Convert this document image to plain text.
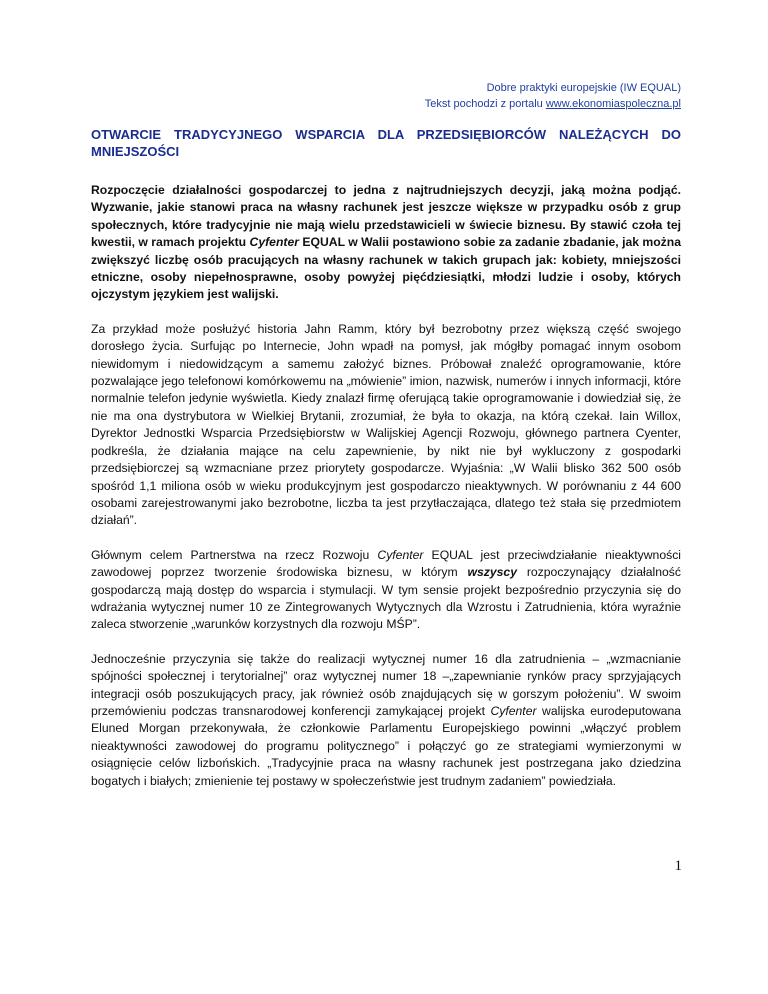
Dobre praktyki europejskie (IW EQUAL)
Tekst pochodzi z portalu www.ekonomiaspoleczna.pl
OTWARCIE TRADYCYJNEGO WSPARCIA DLA PRZEDSIĘBIORCÓW NALEŻĄCYCH DO MNIEJSZOŚCI

Rozpoczęcie działalności gospodarczej to jedna z najtrudniejszych decyzji, jaką można podjąć. Wyzwanie, jakie stanowi praca na własny rachunek jest jeszcze większe w przypadku osób z grup społecznych, które tradycyjnie nie mają wielu przedstawicieli w świecie biznesu. By stawić czoła tej kwestii, w ramach projektu Cyfenter EQUAL w Walii postawiono sobie za zadanie zbadanie, jak można zwiększyć liczbę osób pracujących na własny rachunek w takich grupach jak: kobiety, mniejszości etniczne, osoby niepełnosprawne, osoby powyżej pięćdziesiątki, młodzi ludzie i osoby, których ojczystym językiem jest walijski.

Za przykład może posłużyć historia Jahn Ramm, który był bezrobotny przez większą część swojego dorosłego życia. Surfując po Internecie, John wpadł na pomysł, jak mógłby pomagać innym osobom niewidomym i niedowidzącym a samemu założyć biznes. Próbował znaleźć oprogramowanie, które pozwalające jego telefonowi komórkowemu na „mówienie” imion, nazwisk, numerów i innych informacji, które normalnie telefon jedynie wyświetla. Kiedy znalazł firmę oferującą takie oprogramowanie i dowiedział się, że nie ma ona dystrybutora w Wielkiej Brytanii, zrozumiał, że była to okazja, na którą czekał. Iain Willox, Dyrektor Jednostki Wsparcia Przedsiębiorstw w Walijskiej Agencji Rozwoju, głównego partnera Cyenter, podkreśla, że działania mające na celu zapewnienie, by nikt nie był wykluczony z gospodarki przedsiębiorczej są wzmacniane przez priorytety gospodarcze. Wyjaśnia: „W Walii blisko 362 500 osób spośród 1,1 miliona osób w wieku produkcyjnym jest gospodarczo nieaktywnych. W porównaniu z 44 600 osobami zarejestrowanymi jako bezrobotne, liczba ta jest przytłaczająca, dlatego też stała się przedmiotem działań”.

Głównym celem Partnerstwa na rzecz Rozwoju Cyfenter EQUAL jest przeciwdziałanie nieaktywności zawodowej poprzez tworzenie środowiska biznesu, w którym wszyscy rozpoczynający działalność gospodarczą mają dostęp do wsparcia i stymulacji. W tym sensie projekt bezpośrednio przyczynia się do wdrażania wytycznej numer 10 ze Zintegrowanych Wytycznych dla Wzrostu i Zatrudnienia, która wyraźnie zaleca stworzenie „warunków korzystnych dla rozwoju MŚP”.

Jednocześnie przyczynia się także do realizacji wytycznej numer 16 dla zatrudnienia – „wzmacnianie spójności społecznej i terytorialnej” oraz wytycznej numer 18 –„zapewnianie rynków pracy sprzyjających integracji osób poszukujących pracy, jak również osób znajdujących się w gorszym położeniu”. W swoim przemówieniu podczas transnarodowej konferencji zamykającej projekt Cyfenter walijska eurodeputowana Eluned Morgan przekonywała, że członkowie Parlamentu Europejskiego powinni „włączyć problem nieaktywności zawodowej do programu politycznego” i połączyć go ze strategiami wymierzonymi w osiągnięcie celów lizbońskich. „Tradycyjnie praca na własny rachunek jest postrzegana jako dziedzina bogatych i białych; zmienienie tej postawy w społeczeństwie jest trudnym zadaniem” powiedziała.

1
